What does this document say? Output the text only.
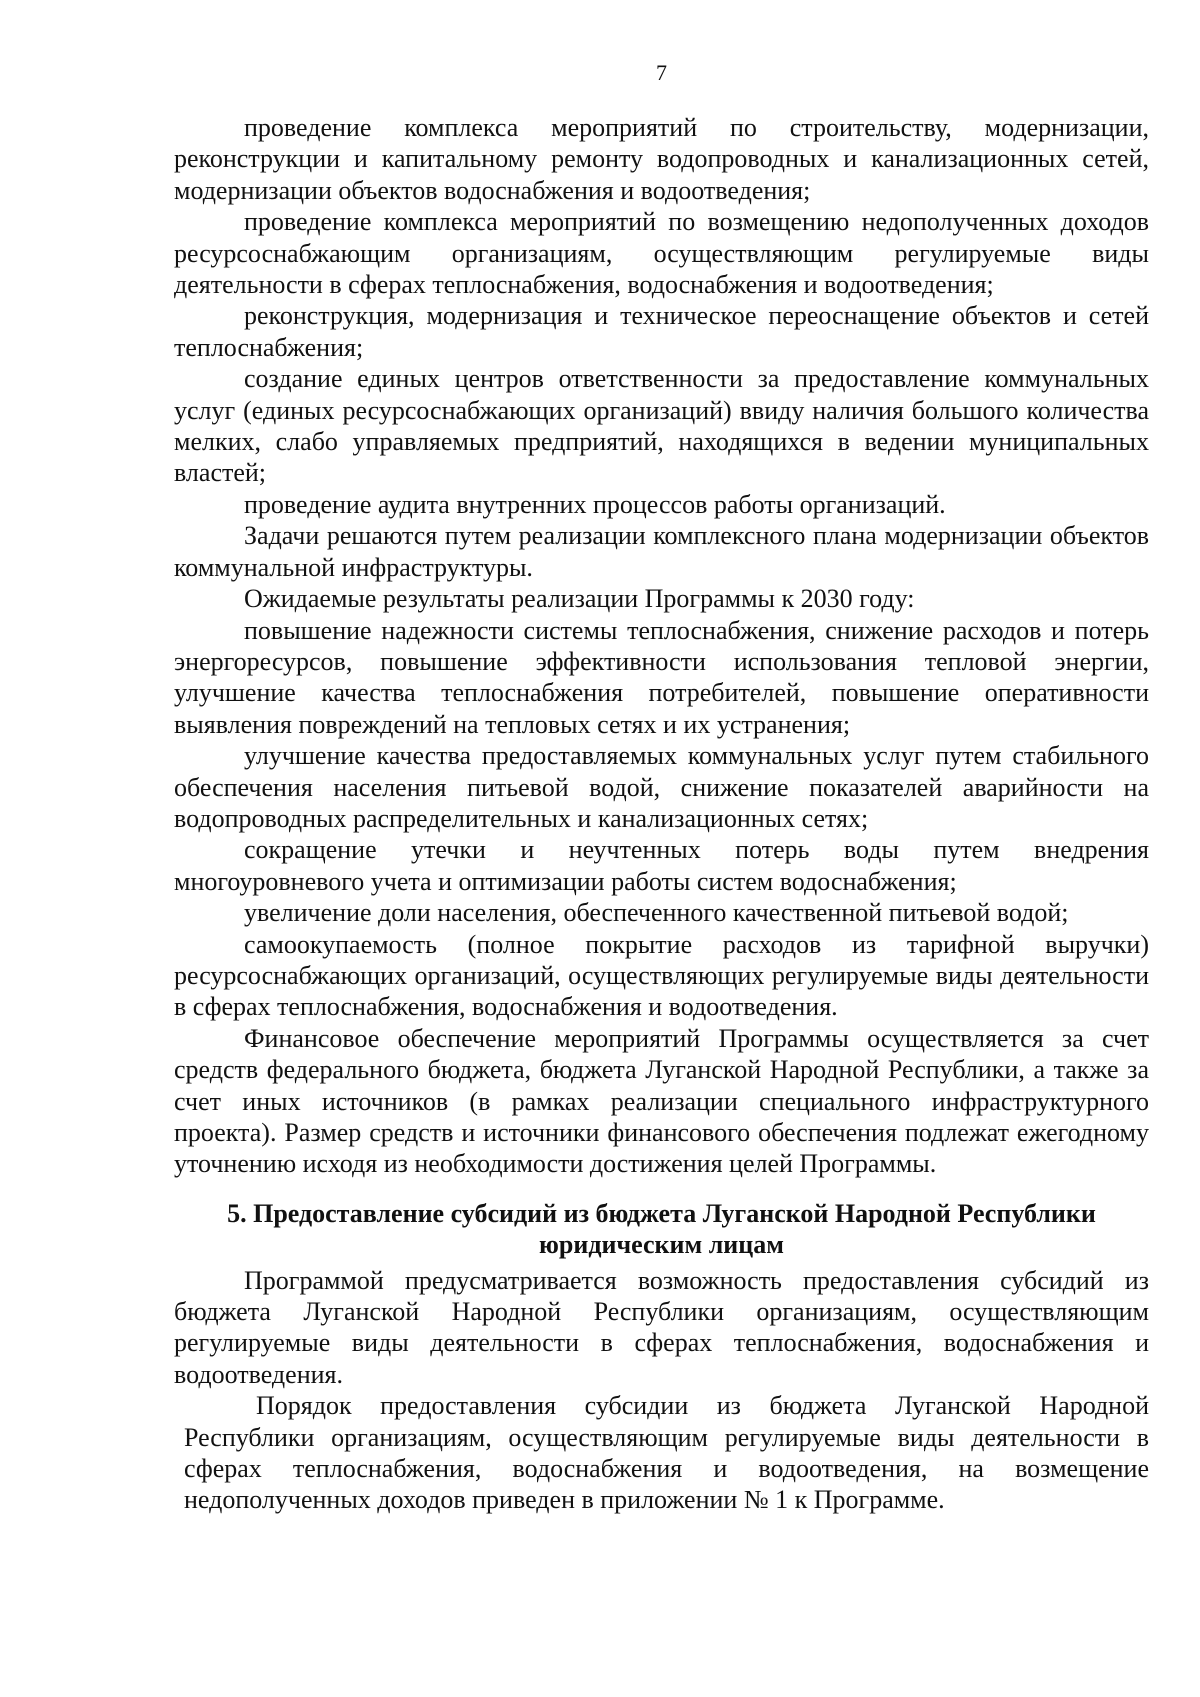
7

проведение комплекса мероприятий по строительству, модернизации, реконструкции и капитальному ремонту водопроводных и канализационных сетей, модернизации объектов водоснабжения и водоотведения;

проведение комплекса мероприятий по возмещению недополученных доходов ресурсоснабжающим организациям, осуществляющим регулируемые виды деятельности в сферах теплоснабжения, водоснабжения и водоотведения;

реконструкция, модернизация и техническое переоснащение объектов и сетей теплоснабжения;

создание единых центров ответственности за предоставление коммунальных услуг (единых ресурсоснабжающих организаций) ввиду наличия большого количества мелких, слабо управляемых предприятий, находящихся в ведении муниципальных властей;

проведение аудита внутренних процессов работы организаций.

Задачи решаются путем реализации комплексного плана модернизации объектов коммунальной инфраструктуры.

Ожидаемые результаты реализации Программы к 2030 году:

повышение надежности системы теплоснабжения, снижение расходов и потерь энергоресурсов, повышение эффективности использования тепловой энергии, улучшение качества теплоснабжения потребителей, повышение оперативности выявления повреждений на тепловых сетях и их устранения;

улучшение качества предоставляемых коммунальных услуг путем стабильного обеспечения населения питьевой водой, снижение показателей аварийности на водопроводных распределительных и канализационных сетях;

сокращение утечки и неучтенных потерь воды путем внедрения многоуровневого учета и оптимизации работы систем водоснабжения;

увеличение доли населения, обеспеченного качественной питьевой водой;

самоокупаемость (полное покрытие расходов из тарифной выручки) ресурсоснабжающих организаций, осуществляющих регулируемые виды деятельности в сферах теплоснабжения, водоснабжения и водоотведения.

Финансовое обеспечение мероприятий Программы осуществляется за счет средств федерального бюджета, бюджета Луганской Народной Республики, а также за счет иных источников (в рамках реализации специального инфраструктурного проекта). Размер средств и источники финансового обеспечения подлежат ежегодному уточнению исходя из необходимости достижения целей Программы.

5. Предоставление субсидий из бюджета Луганской Народной Республики
юридическим лицам

Программой предусматривается возможность предоставления субсидий из бюджета Луганской Народной Республики организациям, осуществляющим регулируемые виды деятельности в сферах теплоснабжения, водоснабжения и водоотведения.

Порядок предоставления субсидии из бюджета Луганской Народной Республики организациям, осуществляющим регулируемые виды деятельности в сферах теплоснабжения, водоснабжения и водоотведения, на возмещение недополученных доходов приведен в приложении № 1 к Программе.
